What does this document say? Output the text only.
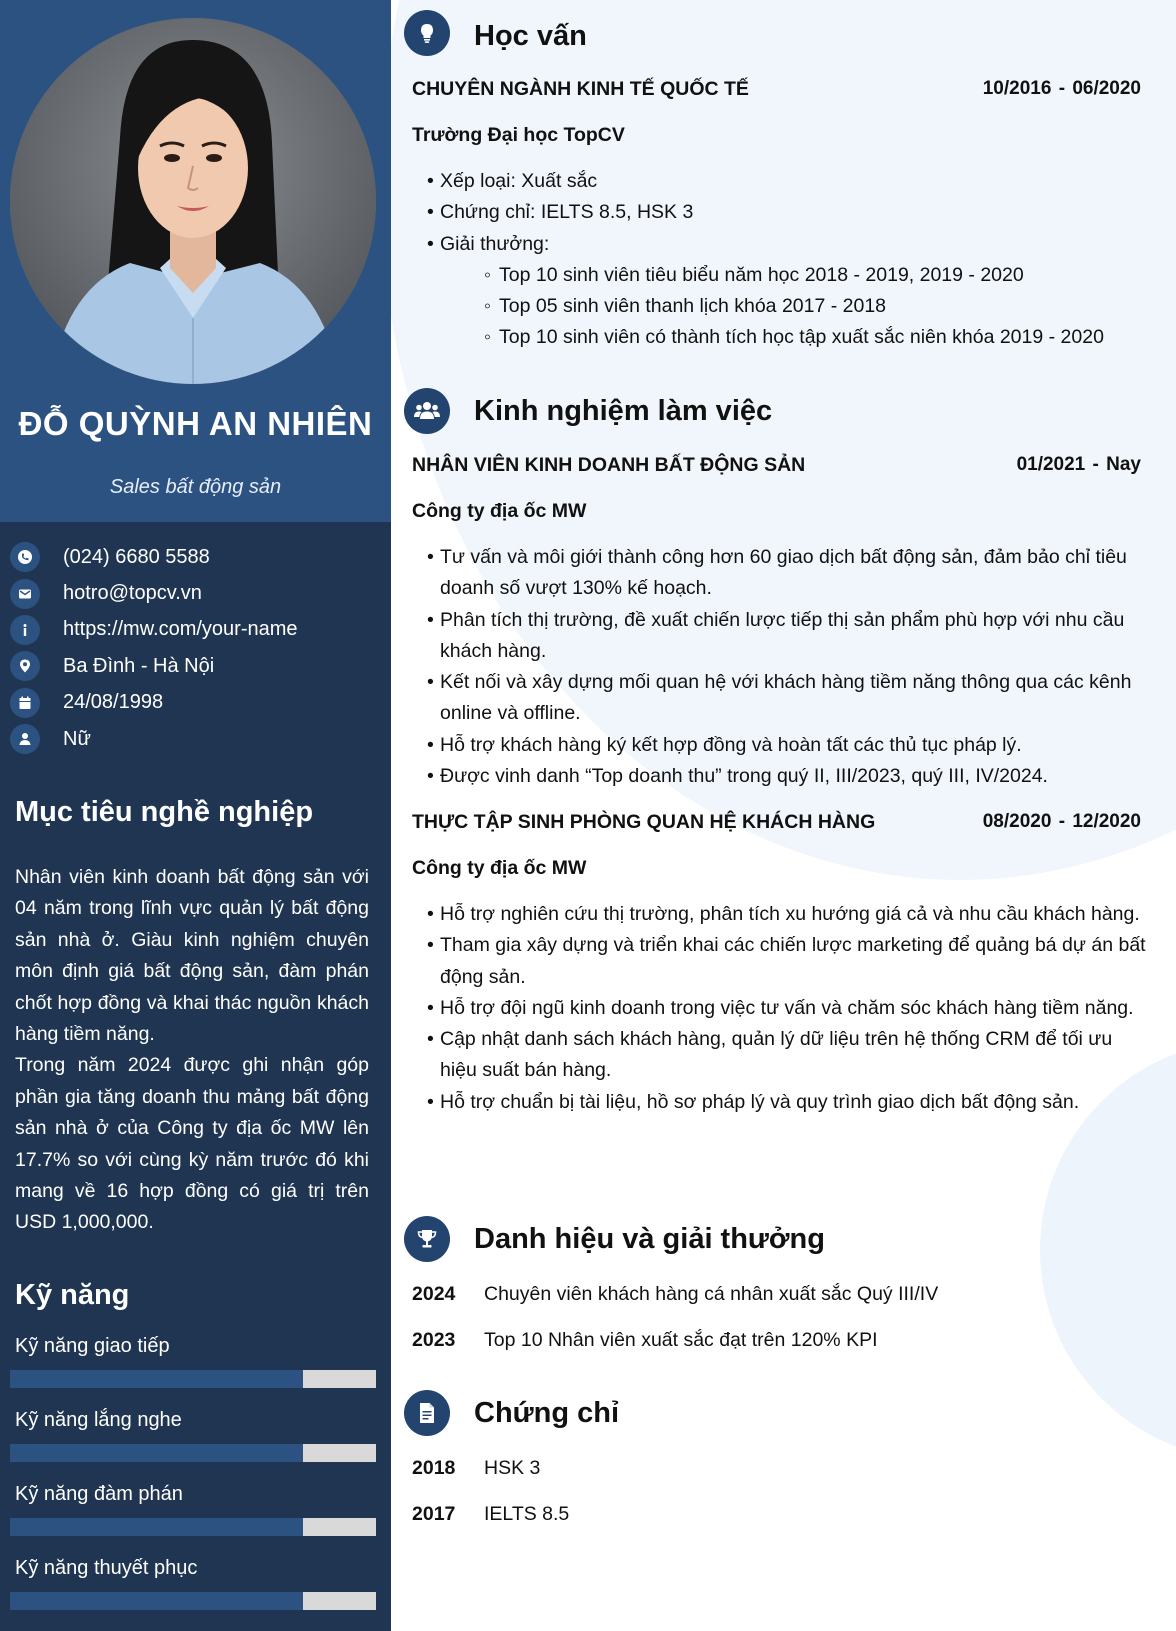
ĐỖ QUỲNH AN NHIÊN
Sales bất động sản
(024) 6680 5588
hotro@topcv.vn
https://mw.com/your-name
Ba Đình - Hà Nội
24/08/1998
Nữ
Mục tiêu nghề nghiệp

Nhân viên kinh doanh bất động sản với 04 năm trong lĩnh vực quản lý bất động sản nhà ở. Giàu kinh nghiệm chuyên môn định giá bất động sản, đàm phán chốt hợp đồng và khai thác nguồn khách hàng tiềm năng.

Trong năm 2024 được ghi nhận góp phần gia tăng doanh thu mảng bất động sản nhà ở của Công ty địa ốc MW lên 17.7% so với cùng kỳ năm trước đó khi mang về 16 hợp đồng có giá trị trên USD 1,000,000.

Kỹ năng
Kỹ năng giao tiếp
Kỹ năng lắng nghe
Kỹ năng đàm phán
Kỹ năng thuyết phục
Học vấn
CHUYÊN NGÀNH KINH TẾ QUỐC TẾ	10/2016 - 06/2020
Trường Đại học TopCV
• Xếp loại: Xuất sắc
• Chứng chỉ: IELTS 8.5, HSK 3
• Giải thưởng:
◦ Top 10 sinh viên tiêu biểu năm học 2018 - 2019, 2019 - 2020
◦ Top 05 sinh viên thanh lịch khóa 2017 - 2018
◦ Top 10 sinh viên có thành tích học tập xuất sắc niên khóa 2019 - 2020
Kinh nghiệm làm việc
NHÂN VIÊN KINH DOANH BẤT ĐỘNG SẢN	01/2021 - Nay
Công ty địa ốc MW
• Tư vấn và môi giới thành công hơn 60 giao dịch bất động sản, đảm bảo chỉ tiêu doanh số vượt 130% kế hoạch.
• Phân tích thị trường, đề xuất chiến lược tiếp thị sản phẩm phù hợp với nhu cầu khách hàng.
• Kết nối và xây dựng mối quan hệ với khách hàng tiềm năng thông qua các kênh online và offline.
• Hỗ trợ khách hàng ký kết hợp đồng và hoàn tất các thủ tục pháp lý.
• Được vinh danh “Top doanh thu” trong quý II, III/2023, quý III, IV/2024.
THỰC TẬP SINH PHÒNG QUAN HỆ KHÁCH HÀNG	08/2020 - 12/2020
Công ty địa ốc MW
• Hỗ trợ nghiên cứu thị trường, phân tích xu hướng giá cả và nhu cầu khách hàng.
• Tham gia xây dựng và triển khai các chiến lược marketing để quảng bá dự án bất động sản.
• Hỗ trợ đội ngũ kinh doanh trong việc tư vấn và chăm sóc khách hàng tiềm năng.
• Cập nhật danh sách khách hàng, quản lý dữ liệu trên hệ thống CRM để tối ưu hiệu suất bán hàng.
• Hỗ trợ chuẩn bị tài liệu, hồ sơ pháp lý và quy trình giao dịch bất động sản.
Danh hiệu và giải thưởng
2024	Chuyên viên khách hàng cá nhân xuất sắc Quý III/IV
2023	Top 10 Nhân viên xuất sắc đạt trên 120% KPI
Chứng chỉ
2018	HSK 3
2017	IELTS 8.5
